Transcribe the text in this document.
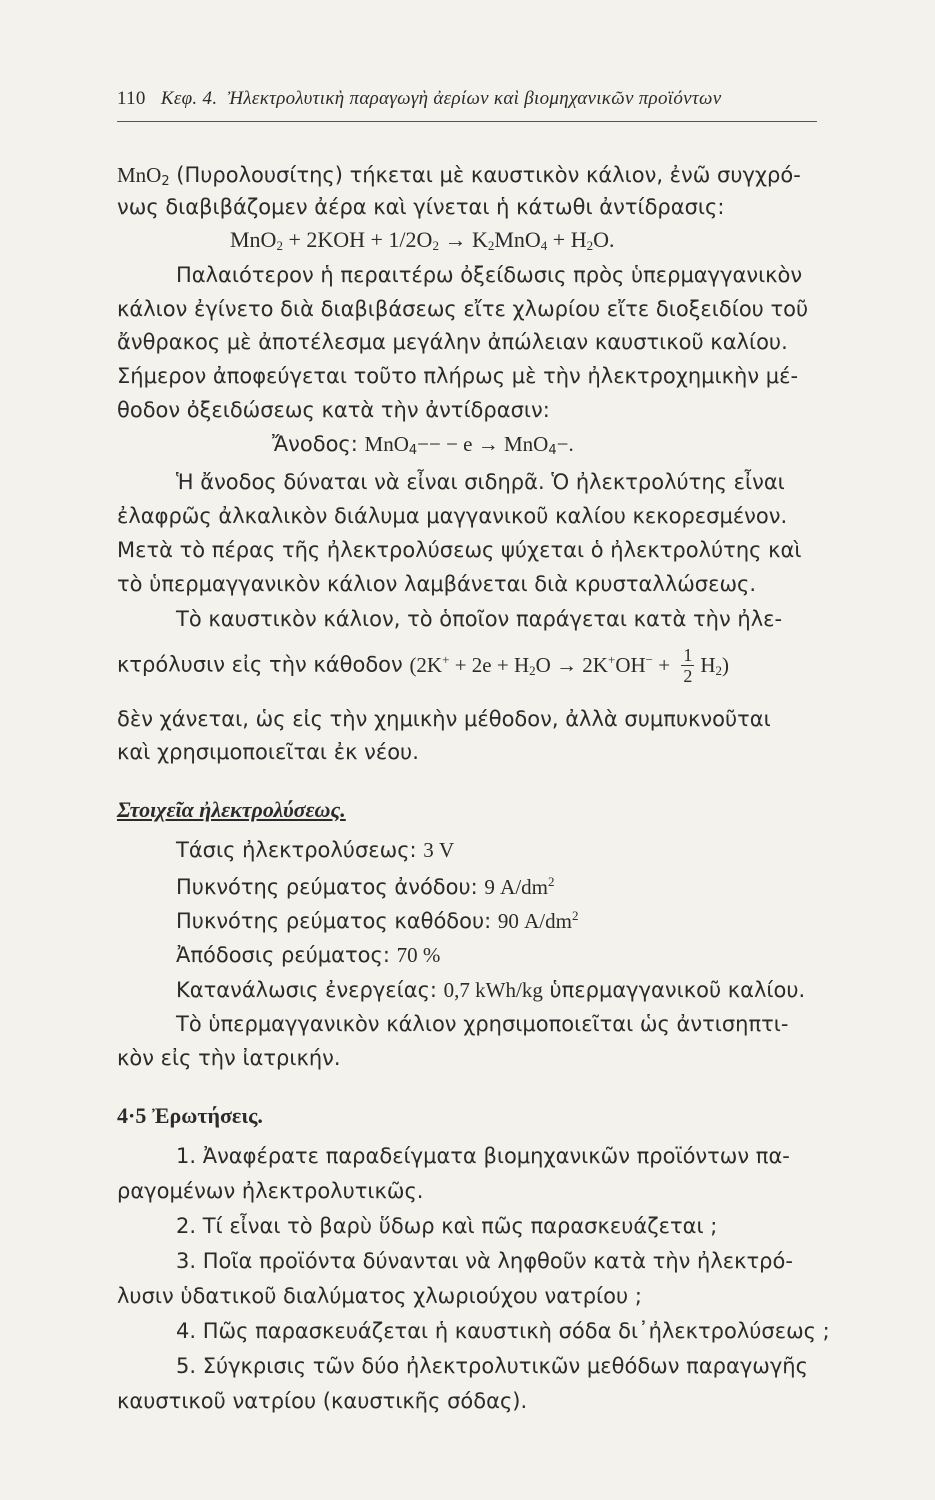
110 Κεφ. 4. Ἠλεκτρολυτικὴ παραγωγὴ ἀερίων καὶ βιομηχανικῶν προϊόντων
MnO$_2$ (Πυρολουσίτης) τήκεται μὲ καυστικὸν κάλιον, ἐνῶ συγχρό-
νως διαβιβάζομεν ἀέρα καὶ γίνεται ἡ κάτωθι ἀντίδρασις:
$MnO_2 + 2KOH + 1/2O_2 \to K_2MnO_4 + H_2O$.
Παλαιότερον ἡ περαιτέρω ὀξείδωσις πρὸς ὑπερμαγγανικὸν
κάλιον ἐγίνετο διὰ διαβιβάσεως εἴτε χλωρίου εἴτε διοξειδίου τοῦ
ἄνθρακος μὲ ἀποτέλεσμα μεγάλην ἀπώλειαν καυστικοῦ καλίου.
Σήμερον ἀποφεύγεται τοῦτο πλήρως μὲ τὴν ἠλεκτροχημικὴν μέ-
θοδον ὀξειδώσεως κατὰ τὴν ἀντίδρασιν:
Ἄνοδος: MnO$_4$−− − e → MnO$_4$−.
Ἡ ἄνοδος δύναται νὰ εἶναι σιδηρᾶ. Ὁ ἠλεκτρολύτης εἶναι
ἐλαφρῶς ἀλκαλικὸν διάλυμα μαγγανικοῦ καλίου κεκορεσμένον.
Μετὰ τὸ πέρας τῆς ἠλεκτρολύσεως ψύχεται ὁ ἠλεκτρολύτης καὶ
τὸ ὑπερμαγγανικὸν κάλιον λαμβάνεται διὰ κρυσταλλώσεως.
Τὸ καυστικὸν κάλιον, τὸ ὁποῖον παράγεται κατὰ τὴν ἠλε-
κτρόλυσιν εἰς τὴν κάθοδον $(2K^+ + 2e + H_2O \to 2K^+OH^- + \frac{1}{2} H_2)$
δὲν χάνεται, ὡς εἰς τὴν χημικὴν μέθοδον, ἀλλὰ συμπυκνοῦται
καὶ χρησιμοποιεῖται ἐκ νέου.
Στοιχεῖα ἠλεκτρολύσεως.
Τάσις ἠλεκτρολύσεως: 3 V
Πυκνότης ρεύματος ἀνόδου: 9 $A/dm^2$
Πυκνότης ρεύματος καθόδου: 90 $A/dm^2$
Ἀπόδοσις ρεύματος: 70 %
Κατανάλωσις ἐνεργείας: 0,7 kWh/kg ὑπερμαγγανικοῦ καλίου.
Τὸ ὑπερμαγγανικὸν κάλιον χρησιμοποιεῖται ὡς ἀντισηπτι-
κὸν εἰς τὴν ἰατρικήν.
4·5 Ἐρωτήσεις.
1. Ἀναφέρατε παραδείγματα βιομηχανικῶν προϊόντων πα-
ραγομένων ἠλεκτρολυτικῶς.
2. Τί εἶναι τὸ βαρὺ ὕδωρ καὶ πῶς παρασκευάζεται ;
3. Ποῖα προϊόντα δύνανται νὰ ληφθοῦν κατὰ τὴν ἠλεκτρό-
λυσιν ὑδατικοῦ διαλύματος χλωριούχου νατρίου ;
4. Πῶς παρασκευάζεται ἡ καυστικὴ σόδα δι᾽ἠλεκτρολύσεως ;
5. Σύγκρισις τῶν δύο ἠλεκτρολυτικῶν μεθόδων παραγωγῆς
καυστικοῦ νατρίου (καυστικῆς σόδας).
